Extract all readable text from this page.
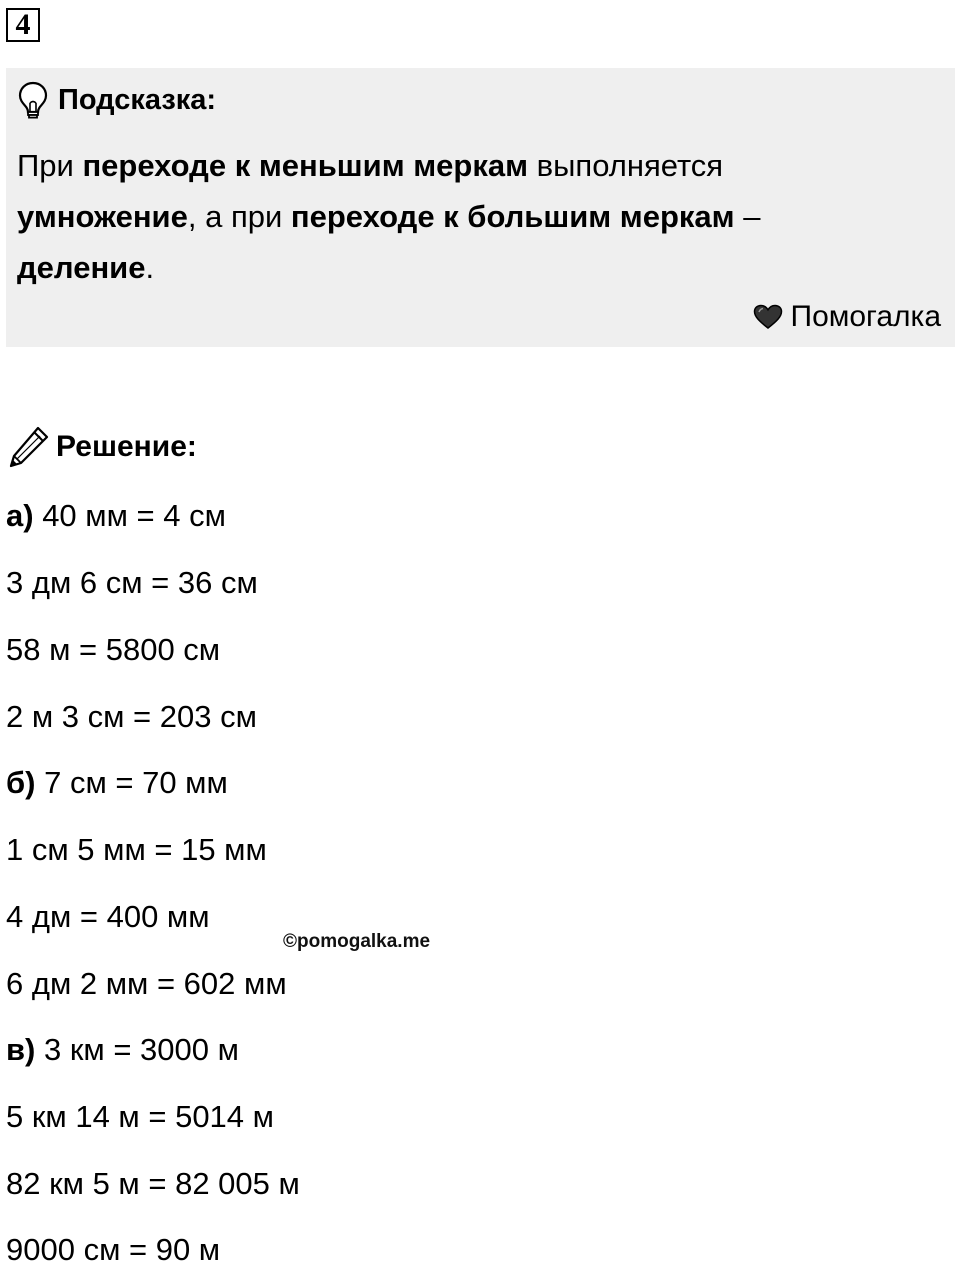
4
Подсказка:
При переходе к меньшим меркам выполняется
умножение, а при переходе к большим меркам –
деление.
Помогалка
Решение:
а) 40 мм = 4 см
3 дм 6 см = 36 см
58 м = 5800 см
2 м 3 см = 203 см
б) 7 см = 70 мм
1 см 5 мм = 15 мм
4 дм = 400 мм
6 дм 2 мм = 602 мм
в) 3 км = 3000 м
5 км 14 м = 5014 м
82 км 5 м = 82 005 м
9000 см = 90 м
©pomogalka.me
